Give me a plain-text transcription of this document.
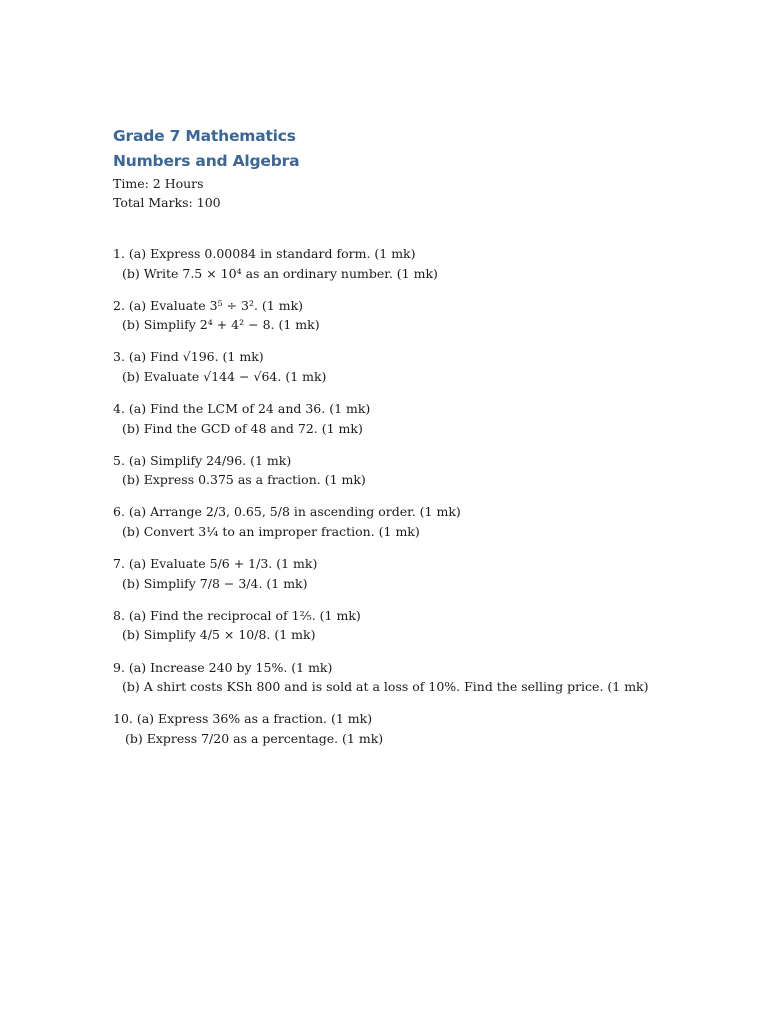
Grade 7 Mathematics

Numbers and Algebra

Time: 2 Hours

Total Marks: 100

1. (a) Express 0.00084 in standard form. (1 mk)
(b) Write 7.5 × 10⁴ as an ordinary number. (1 mk)
2. (a) Evaluate 3⁵ ÷ 3². (1 mk)
(b) Simplify 2⁴ + 4² − 8. (1 mk)
3. (a) Find √196. (1 mk)
(b) Evaluate √144 − √64. (1 mk)
4. (a) Find the LCM of 24 and 36. (1 mk)
(b) Find the GCD of 48 and 72. (1 mk)
5. (a) Simplify 24/96. (1 mk)
(b) Express 0.375 as a fraction. (1 mk)
6. (a) Arrange 2/3, 0.65, 5/8 in ascending order. (1 mk)
(b) Convert 3¼ to an improper fraction. (1 mk)
7. (a) Evaluate 5/6 + 1/3. (1 mk)
(b) Simplify 7/8 − 3/4. (1 mk)
8. (a) Find the reciprocal of 1⅖. (1 mk)
(b) Simplify 4/5 × 10/8. (1 mk)
9. (a) Increase 240 by 15%. (1 mk)
(b) A shirt costs KSh 800 and is sold at a loss of 10%. Find the selling price. (1 mk)
10. (a) Express 36% as a fraction. (1 mk)
(b) Express 7/20 as a percentage. (1 mk)
